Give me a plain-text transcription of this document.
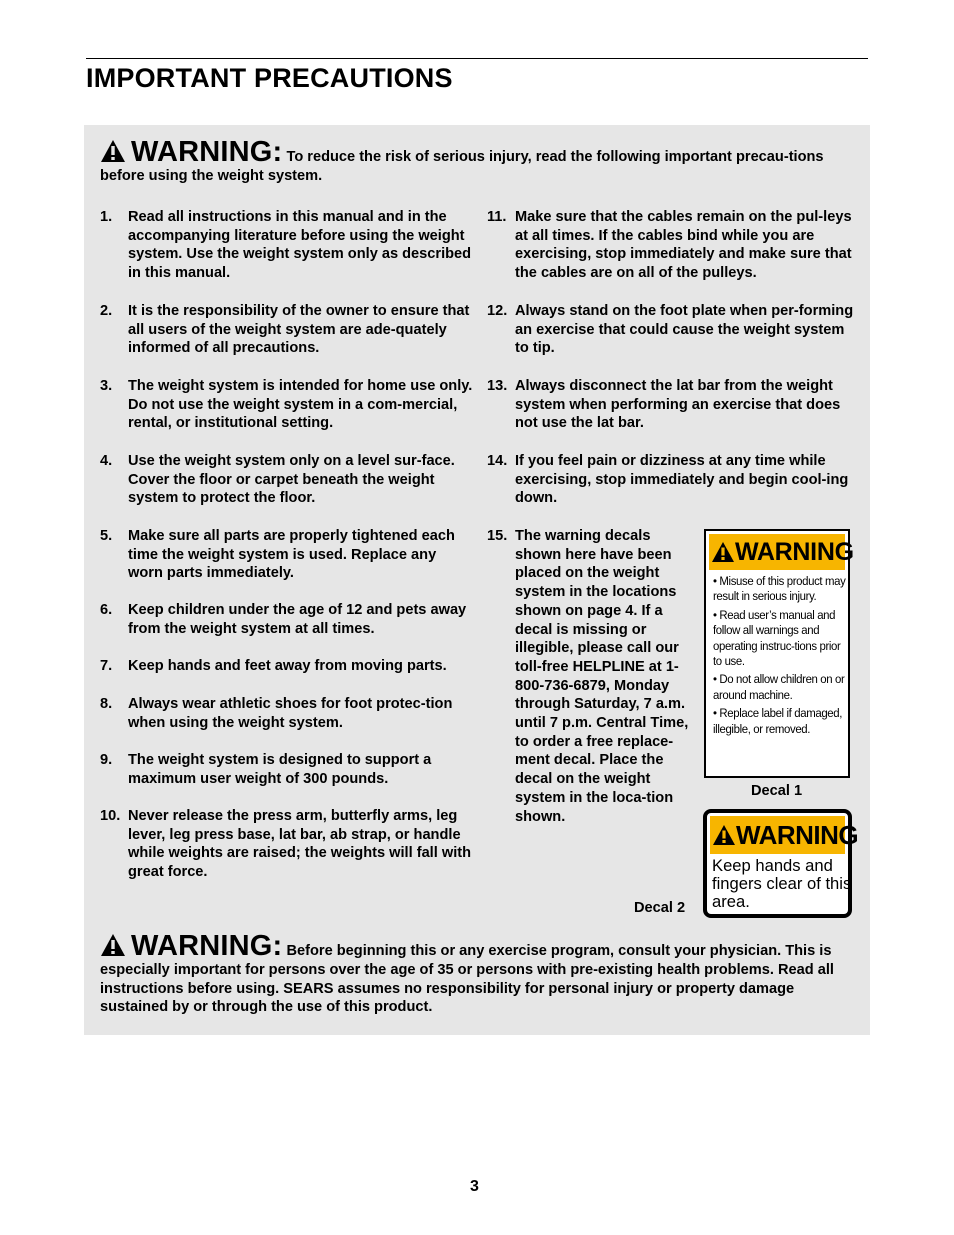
IMPORTANT PRECAUTIONS
WARNING: To reduce the risk of serious injury, read the following important precau-tions before using the weight system.
1. Read all instructions in this manual and in the accompanying literature before using the weight system. Use the weight system only as described in this manual.
2. It is the responsibility of the owner to ensure that all users of the weight system are ade-quately informed of all precautions.
3. The weight system is intended for home use only. Do not use the weight system in a com-mercial, rental, or institutional setting.
4. Use the weight system only on a level sur-face. Cover the floor or carpet beneath the weight system to protect the floor.
5. Make sure all parts are properly tightened each time the weight system is used. Replace any worn parts immediately.
6. Keep children under the age of 12 and pets away from the weight system at all times.
7. Keep hands and feet away from moving parts.
8. Always wear athletic shoes for foot protec-tion when using the weight system.
9. The weight system is designed to support a maximum user weight of 300 pounds.
10. Never release the press arm, butterfly arms, leg lever, leg press base, lat bar, ab strap, or handle while weights are raised; the weights will fall with great force.
11. Make sure that the cables remain on the pul-leys at all times. If the cables bind while you are exercising, stop immediately and make sure that the cables are on all of the pulleys.
12. Always stand on the foot plate when per-forming an exercise that could cause the weight system to tip.
13. Always disconnect the lat bar from the weight system when performing an exercise that does not use the lat bar.
14. If you feel pain or dizziness at any time while exercising, stop immediately and begin cool-ing down.
15. The warning decals shown here have been placed on the weight system in the locations shown on page 4. If a decal is missing or illegible, please call our toll-free HELPLINE at 1-800-736-6879, Monday through Saturday, 7 a.m. until 7 p.m. Central Time, to order a free replace-ment decal. Place the decal on the weight system in the loca-tion shown.
WARNING

• Misuse of this product may result in serious injury.

• Read user’s manual and follow all warnings and operating instruc-tions prior to use.

• Do not allow children on or around machine.

• Replace label if damaged, illegible, or removed.

Decal 1
WARNING
Keep hands and fingers clear of this area.
Decal 2
WARNING: Before beginning this or any exercise program, consult your physician. This is especially important for persons over the age of 35 or persons with pre-existing health problems. Read all instructions before using. SEARS assumes no responsibility for personal injury or property damage sustained by or through the use of this product.
3
